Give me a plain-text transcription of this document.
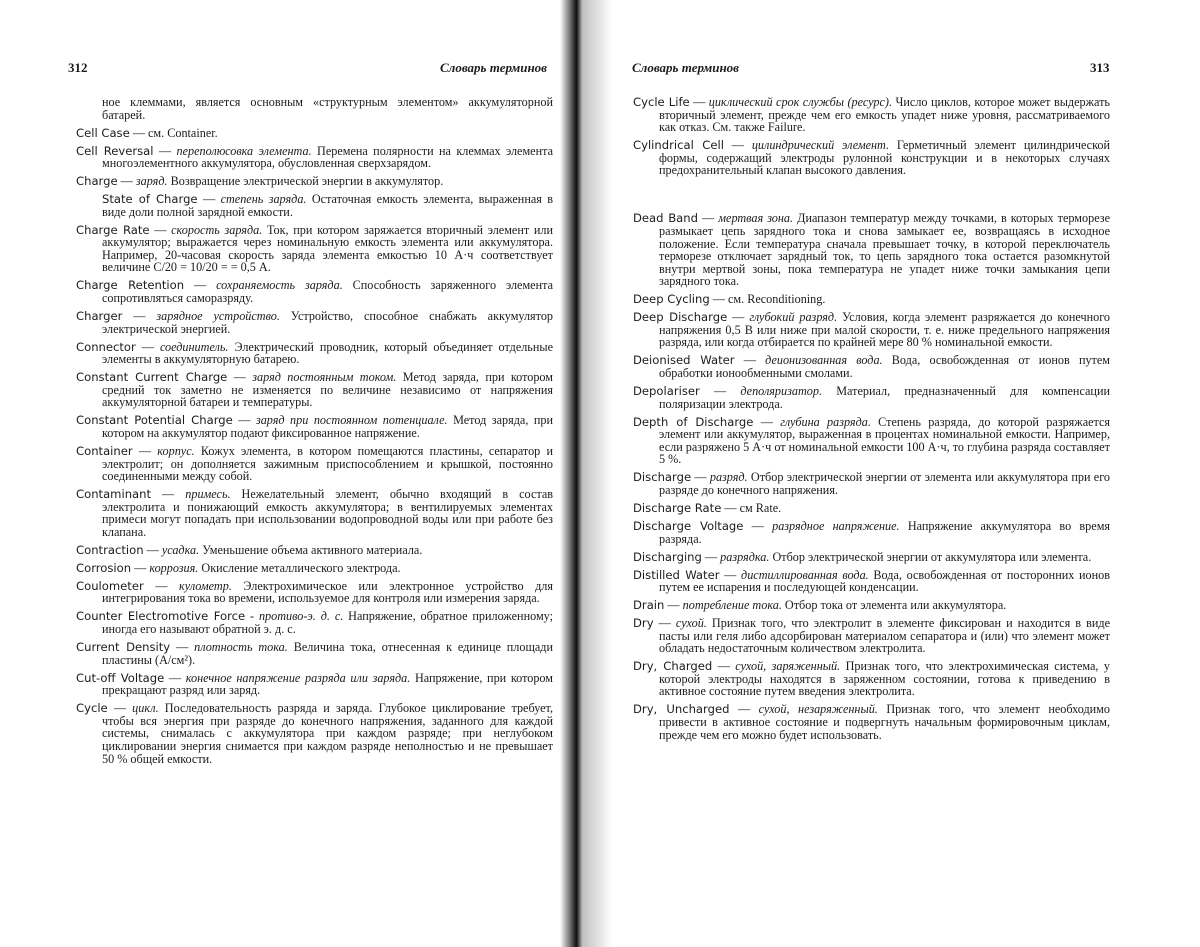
312	Словарь терминов

ное клеммами, является основным «структурным элементом» аккумуляторной батарей.

Cell Case — см. Container.

Cell Reversal — переполюсовка элемента. Перемена полярности на клеммах элемента многоэлементного аккумулятора, обусловленная сверхзарядом.

Charge — заряд. Возвращение электрической энергии в аккумулятор.

State of Charge — степень заряда. Остаточная емкость элемента, выраженная в виде доли полной зарядной емкости.

Charge Rate — скорость заряда. Ток, при котором заряжается вторичный элемент или аккумулятор; выражается через номинальную емкость элемента или аккумулятора. Например, 20-часовая скорость заряда элемента емкостью 10 А·ч соответствует величине C/20 = 10/20 = = 0,5 А.

Charge Retention — сохраняемость заряда. Способность заряженного элемента сопротивляться саморазряду.

Charger — зарядное устройство. Устройство, способное снабжать аккумулятор электрической энергией.

Connector — соединитель. Электрический проводник, который объединяет отдельные элементы в аккумуляторную батарею.

Constant Current Charge — заряд постоянным током. Метод заряда, при котором средний ток заметно не изменяется по величине независимо от напряжения аккумуляторной батареи и температуры.

Constant Potential Charge — заряд при постоянном потенциале. Метод заряда, при котором на аккумулятор подают фиксированное напряжение.

Container — корпус. Кожух элемента, в котором помещаются пластины, сепаратор и электролит; он дополняется зажимным приспособлением и крышкой, постоянно соединенными между собой.

Contaminant — примесь. Нежелательный элемент, обычно входящий в состав электролита и понижающий емкость аккумулятора; в вентилируемых элементах примеси могут попадать при использовании водопроводной воды или при работе без клапана.

Contraction — усадка. Уменьшение объема активного материала.

Corrosion — коррозия. Окисление металлического электрода.

Coulometer — кулометр. Электрохимическое или электронное устройство для интегрирования тока во времени, используемое для контроля или измерения заряда.

Counter Electromotive Force - противо-э. д. с. Напряжение, обратное приложенному; иногда его называют обратной э. д. с.

Current Density — плотность тока. Величина тока, отнесенная к единице площади пластины (А/см²).

Cut-off Voltage — конечное напряжение разряда или заряда. Напряжение, при котором прекращают разряд или заряд.

Cycle — цикл. Последовательность разряда и заряда. Глубокое циклирование требует, чтобы вся энергия при разряде до конечного напряжения, заданного для каждой системы, снималась с аккумулятора при каждом разряде; при неглубоком циклировании энергия снимается при каждом разряде неполностью и не превышает 50 % общей емкости.

Словарь терминов	313

Cycle Life — циклический срок службы (ресурс). Число циклов, которое может выдержать вторичный элемент, прежде чем его емкость упадет ниже уровня, рассматриваемого как отказ. См. также Failure.

Cylindrical Cell — цилиндрический элемент. Герметичный элемент цилиндрической формы, содержащий электроды рулонной конструкции и в некоторых случаях предохранительный клапан высокого давления.

Dead Band — мертвая зона. Диапазон температур между точками, в которых терморезе размыкает цепь зарядного тока и снова замыкает ее, возвращаясь в исходное положение. Если температура сначала превышает точку, в которой переключатель терморезе отключает зарядный ток, то цепь зарядного тока остается разомкнутой внутри мертвой зоны, пока температура не упадет ниже точки замыкания цепи зарядного тока.

Deep Cycling — см. Reconditioning.

Deep Discharge — глубокий разряд. Условия, когда элемент разряжается до конечного напряжения 0,5 В или ниже при малой скорости, т. е. ниже предельного напряжения разряда, или когда отбирается по крайней мере 80 % номинальной емкости.

Deionised Water — деионизованная вода. Вода, освобожденная от ионов путем обработки ионообменными смолами.

Depolariser — деполяризатор. Материал, предназначенный для компенсации поляризации электрода.

Depth of Discharge — глубина разряда. Степень разряда, до которой разряжается элемент или аккумулятор, выраженная в процентах номинальной емкости. Например, если разряжено 5 А·ч от номинальной емкости 100 А·ч, то глубина разряда составляет 5 %.

Discharge — разряд. Отбор электрической энергии от элемента или аккумулятора при его разряде до конечного напряжения.

Discharge Rate — см Rate.

Discharge Voltage — разрядное напряжение. Напряжение аккумулятора во время разряда.

Discharging — разрядка. Отбор электрической энергии от аккумулятора или элемента.

Distilled Water — дистиллированная вода. Вода, освобожденная от посторонних ионов путем ее испарения и последующей конденсации.

Drain — потребление тока. Отбор тока от элемента или аккумулятора.

Dry — сухой. Признак того, что электролит в элементе фиксирован и находится в виде пасты или геля либо адсорбирован материалом сепаратора и (или) что элемент может обладать недостаточным количеством электролита.

Dry, Charged — сухой, заряженный. Признак того, что электрохимическая система, у которой электроды находятся в заряженном состоянии, готова к приведению в активное состояние путем введения электролита.

Dry, Uncharged — сухой, незаряженный. Признак того, что элемент необходимо привести в активное состояние и подвергнуть начальным формировочным циклам, прежде чем его можно будет использовать.
